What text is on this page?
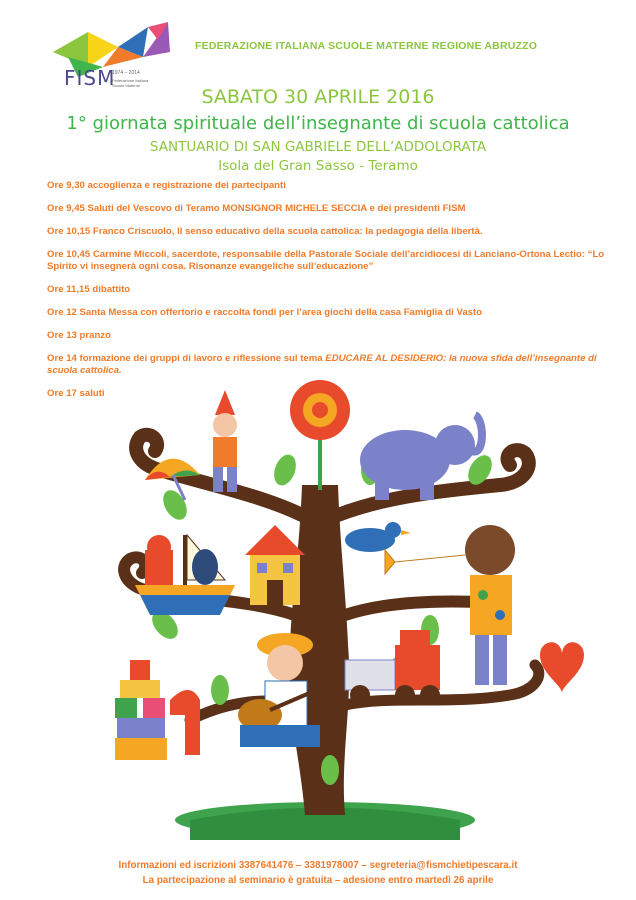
FISM
1974 – 2014
Federazione Italiana Scuole Materne
FEDERAZIONE ITALIANA SCUOLE MATERNE REGIONE ABRUZZO
SABATO 30 APRILE 2016
1° giornata spirituale dell’insegnante di scuola cattolica
SANTUARIO DI SAN GABRIELE DELL’ADDOLORATA
Isola del Gran Sasso - Teramo
Ore 9,30 accoglienza e registrazione dei partecipanti
Ore 9,45 Saluti del Vescovo di Teramo MONSIGNOR MICHELE SECCIA e dei presidenti FISM
Ore 10,15 Franco Criscuolo, Il senso educativo della scuola cattolica: la pedagogia della libertà.
Ore 10,45 Carmine Miccoli, sacerdote, responsabile della Pastorale Sociale dell’arcidiocesi di Lanciano-Ortona Lectio: “Lo Spirito vi insegnerà ogni cosa. Risonanze evangeliche sull’educazione”
Ore 11,15 dibattito
Ore 12 Santa Messa con offertorio e raccolta fondi per l’area giochi della casa Famiglia di Vasto
Ore 13 pranzo
Ore 14 formazione dei gruppi di lavoro e riflessione sul tema EDUCARE AL DESIDERIO: la nuova sfida dell’insegnante di scuola cattolica.
Ore 17 saluti
Informazioni ed iscrizioni 3387641476 – 3381978007 – segreteria@fismchietipescara.it
La partecipazione al seminario è gratuita – adesione entro martedì 26 aprile
